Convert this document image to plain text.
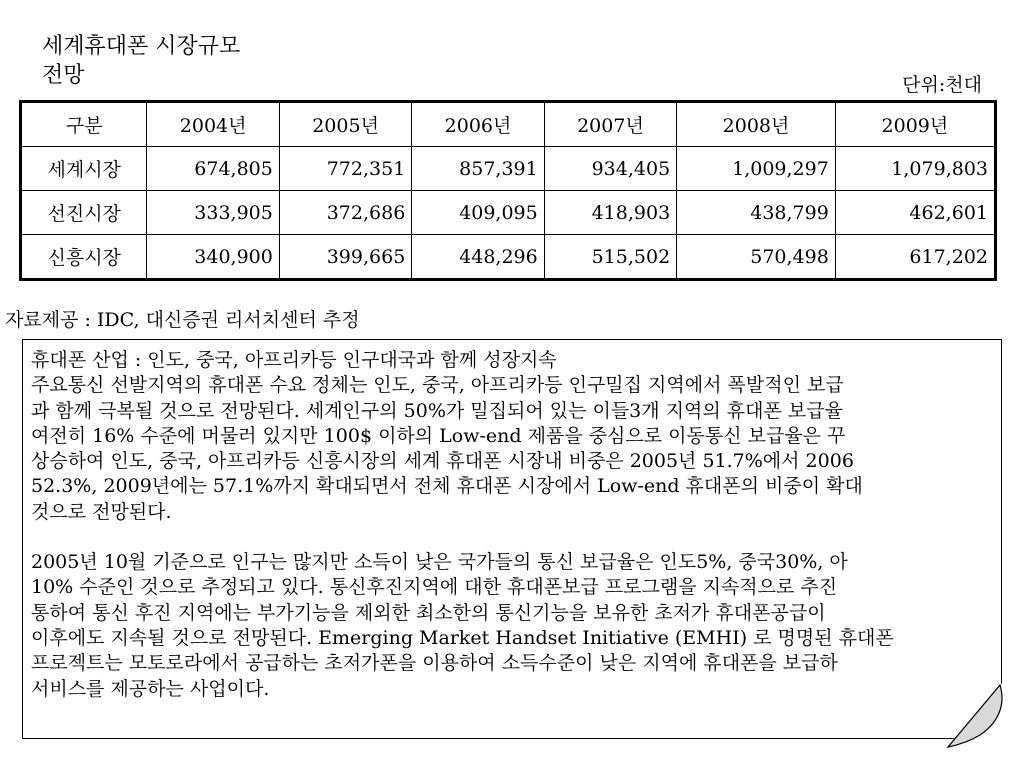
세계휴대폰 시장규모
전망	단위:천대
구분	2004년	2005년	2006년	2007년	2008년	2009년
세계시장	674,805	772,351	857,391	934,405	1,009,297	1,079,803
선진시장	333,905	372,686	409,095	418,903	438,799	462,601
신흥시장	340,900	399,665	448,296	515,502	570,498	617,202
자료제공 : IDC, 대신증권 리서치센터 추정
휴대폰 산업 : 인도, 중국, 아프리카등 인구대국과 함께 성장지속
주요통신 선발지역의 휴대폰 수요 정체는 인도, 중국, 아프리카등 인구밀집 지역에서 폭발적인 보급
과 함께 극복될 것으로 전망된다. 세계인구의 50%가 밀집되어 있는 이들3개 지역의 휴대폰 보급율
여전히 16% 수준에 머물러 있지만 100$ 이하의 Low-end 제품을 중심으로 이동통신 보급율은 꾸
상승하여 인도, 중국, 아프리카등 신흥시장의 세계 휴대폰 시장내 비중은 2005년 51.7%에서 2006
52.3%, 2009년에는 57.1%까지 확대되면서 전체 휴대폰 시장에서 Low-end 휴대폰의 비중이 확대
것으로 전망된다.
2005년 10월 기준으로 인구는 많지만 소득이 낮은 국가들의 통신 보급율은 인도5%, 중국30%, 아
10% 수준인 것으로 추정되고 있다. 통신후진지역에 대한 휴대폰보급 프로그램을 지속적으로 추진
통하여 통신 후진 지역에는 부가기능을 제외한 최소한의 통신기능을 보유한 초저가 휴대폰공급이
이후에도 지속될 것으로 전망된다. Emerging Market Handset Initiative (EMHI) 로 명명된 휴대폰
프로젝트는 모토로라에서 공급하는 초저가폰을 이용하여 소득수준이 낮은 지역에 휴대폰을 보급하
서비스를 제공하는 사업이다.
